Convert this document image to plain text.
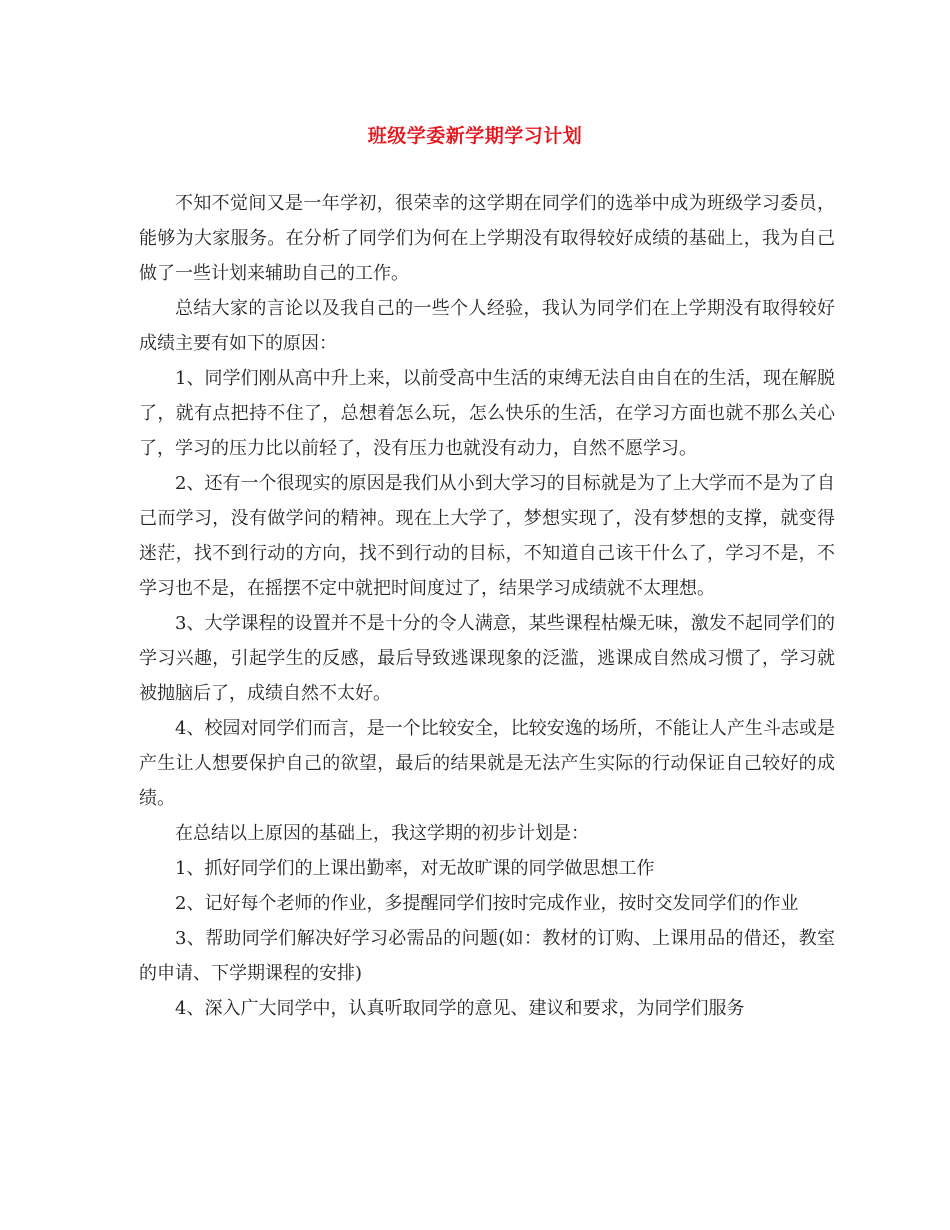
班级学委新学期学习计划

不知不觉间又是一年学初，很荣幸的这学期在同学们的选举中成为班级学习委员，能够为大家服务。在分析了同学们为何在上学期没有取得较好成绩的基础上，我为自己做了一些计划来辅助自己的工作。

总结大家的言论以及我自己的一些个人经验，我认为同学们在上学期没有取得较好成绩主要有如下的原因：

1、同学们刚从高中升上来，以前受高中生活的束缚无法自由自在的生活，现在解脱了，就有点把持不住了，总想着怎么玩，怎么快乐的生活，在学习方面也就不那么关心了，学习的压力比以前轻了，没有压力也就没有动力，自然不愿学习。

2、还有一个很现实的原因是我们从小到大学习的目标就是为了上大学而不是为了自己而学习，没有做学问的精神。现在上大学了，梦想实现了，没有梦想的支撑，就变得迷茫，找不到行动的方向，找不到行动的目标，不知道自己该干什么了，学习不是，不学习也不是，在摇摆不定中就把时间度过了，结果学习成绩就不太理想。

3、大学课程的设置并不是十分的令人满意，某些课程枯燥无味，激发不起同学们的学习兴趣，引起学生的反感，最后导致逃课现象的泛滥，逃课成自然成习惯了，学习就被抛脑后了，成绩自然不太好。

4、校园对同学们而言，是一个比较安全，比较安逸的场所，不能让人产生斗志或是产生让人想要保护自己的欲望，最后的结果就是无法产生实际的行动保证自己较好的成绩。

在总结以上原因的基础上，我这学期的初步计划是：

1、抓好同学们的上课出勤率，对无故旷课的同学做思想工作

2、记好每个老师的作业，多提醒同学们按时完成作业，按时交发同学们的作业

3、帮助同学们解决好学习必需品的问题(如：教材的订购、上课用品的借还，教室的申请、下学期课程的安排)

4、深入广大同学中，认真听取同学的意见、建议和要求，为同学们服务
